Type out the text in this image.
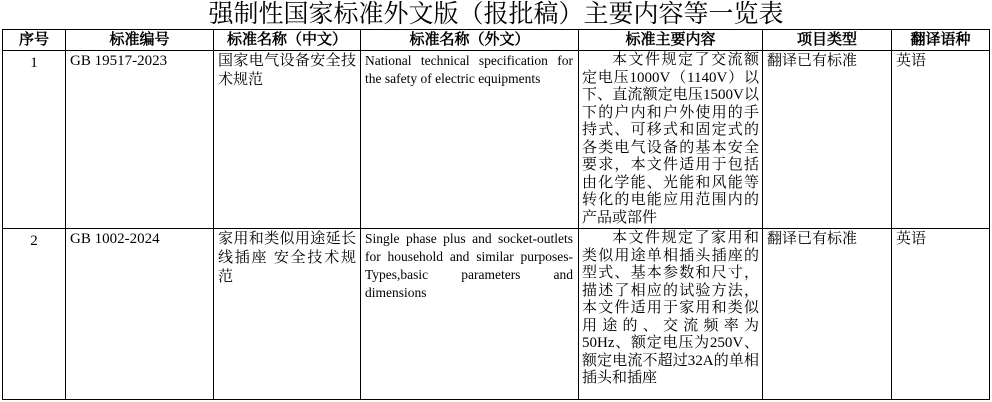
强制性国家标准外文版（报批稿）主要内容等一览表
序号	标准编号	标准名称（中文）	标准名称（外文）	标准主要内容	项目类型	翻译语种
1	GB 19517-2023	国家电气设备安全技术规范	National technical specification for the safety of electric equipments	本文件规定了交流额定电压1000V（1140V）以下、直流额定电压1500V以下的户内和户外使用的手持式、可移式和固定式的各类电气设备的基本安全要求，本文件适用于包括由化学能、光能和风能等转化的电能应用范围内的产品或部件	翻译已有标准	英语
2	GB 1002-2024	家用和类似用途延长线插座 安全技术规范	Single phase plus and socket-outlets for household and similar purposes-Types,basic parameters and dimensions	本文件规定了家用和类似用途单相插头插座的型式、基本参数和尺寸，描述了相应的试验方法，本文件适用于家用和类似用途的、交流频率为50Hz、额定电压为250V、额定电流不超过32A的单相插头和插座	翻译已有标准	英语
